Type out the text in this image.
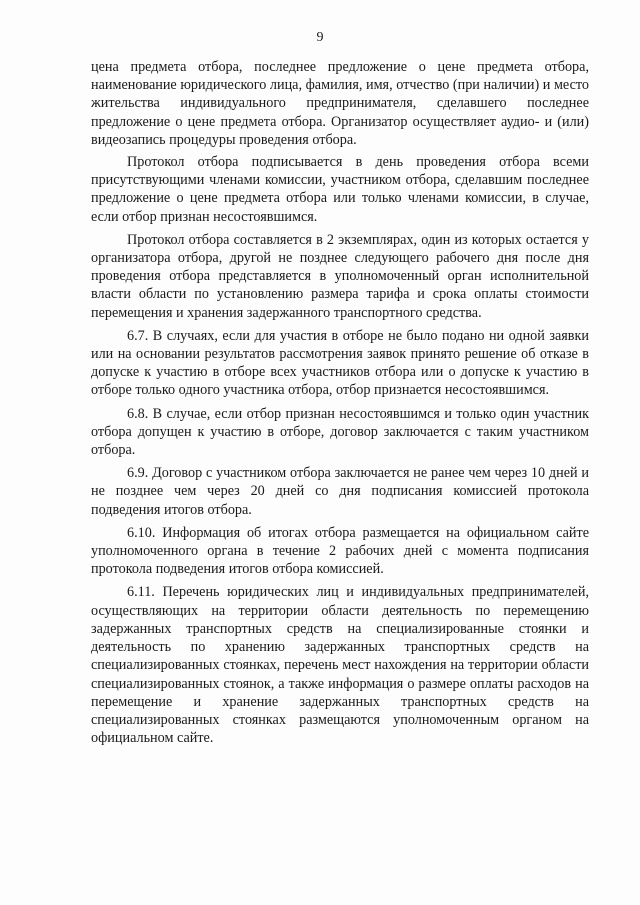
9

цена предмета отбора, последнее предложение о цене предмета отбора, наименование юридического лица, фамилия, имя, отчество (при наличии) и место жительства индивидуального предпринимателя, сделавшего последнее предложение о цене предмета отбора. Организатор осуществляет аудио- и (или) видеозапись процедуры проведения отбора.

Протокол отбора подписывается в день проведения отбора всеми присутствующими членами комиссии, участником отбора, сделавшим последнее предложение о цене предмета отбора или только членами комиссии, в случае, если отбор признан несостоявшимся.

Протокол отбора составляется в 2 экземплярах, один из которых остается у организатора отбора, другой не позднее следующего рабочего дня после дня проведения отбора представляется в уполномоченный орган исполнительной власти области по установлению размера тарифа и срока оплаты стоимости перемещения и хранения задержанного транспортного средства.

6.7. В случаях, если для участия в отборе не было подано ни одной заявки или на основании результатов рассмотрения заявок принято решение об отказе в допуске к участию в отборе всех участников отбора или о допуске к участию в отборе только одного участника отбора, отбор признается несостоявшимся.

6.8. В случае, если отбор признан несостоявшимся и только один участник отбора допущен к участию в отборе, договор заключается с таким участником отбора.

6.9. Договор с участником отбора заключается не ранее чем через 10 дней и не позднее чем через 20 дней со дня подписания комиссией протокола подведения итогов отбора.

6.10. Информация об итогах отбора размещается на официальном сайте уполномоченного органа в течение 2 рабочих дней с момента подписания протокола подведения итогов отбора комиссией.

6.11. Перечень юридических лиц и индивидуальных предпринимателей, осуществляющих на территории области деятельность по перемещению задержанных транспортных средств на специализированные стоянки и деятельность по хранению задержанных транспортных средств на специализированных стоянках, перечень мест нахождения на территории области специализированных стоянок, а также информация о размере оплаты расходов на перемещение и хранение задержанных транспортных средств на специализированных стоянках размещаются уполномоченным органом на официальном сайте.
